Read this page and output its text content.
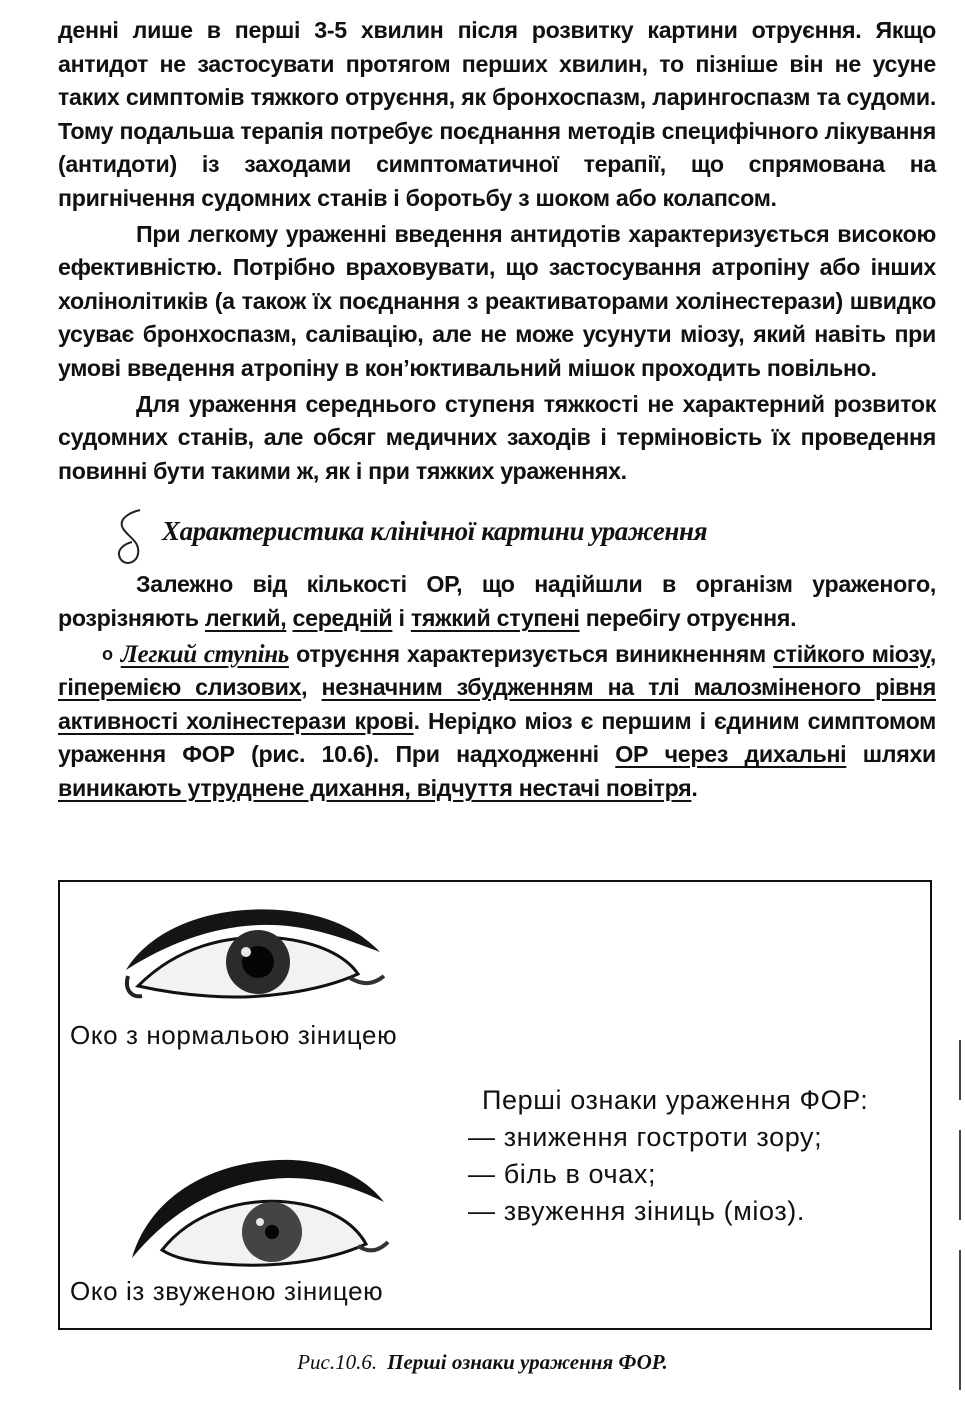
денні лише в перші 3-5 хвилин після розвитку картини отруєння. Якщо антидот не застосувати протягом перших хвилин, то пізніше він не усуне таких симптомів тяжкого отруєння, як бронхоспазм, ларингоспазм та судоми. Тому подальша терапія потребує поєднання методів специфічного лікування (антидоти) із заходами симптоматичної терапії, що спрямована на пригнічення судомних станів і боротьбу з шоком або колапсом.

При легкому ураженні введення антидотів характеризується високою ефективністю. Потрібно враховувати, що застосування атропіну або інших холінолітиків (а також їх поєднання з реактиваторами холінестерази) швидко усуває бронхоспазм, салівацію, але не може усунути міозу, який навіть при умові введення атропіну в кон’юктивальний мішок проходить повільно.

Для ураження середнього ступеня тяжкості не характерний розвиток судомних станів, але обсяг медичних заходів і терміновість їх проведення повинні бути такими ж, як і при тяжких ураженнях.

Характеристика клінічної картини ураження

Залежно від кількості ОР, що надійшли в організм ураженого, розрізняють легкий, середній і тяжкий ступені перебігу отруєння.

o Легкий ступінь отруєння характеризується виникненням стійкого міозу, гіперемією слизових, незначним збудженням на тлі малозміненого рівня активності холінестерази крові. Нерідко міоз є першим і єдиним симптомом ураження ФОР (рис. 10.6). При надходженні ОР через дихальні шляхи виникають утруднене дихання, відчуття нестачі повітря.

Око з нормальою зіницею
Око із звуженою зіницею
Перші ознаки ураження ФОР:
— зниження гостроти зору;
— біль в очах;
— звуження зіниць (міоз).
Рис.10.6. Перші ознаки ураження ФОР.
